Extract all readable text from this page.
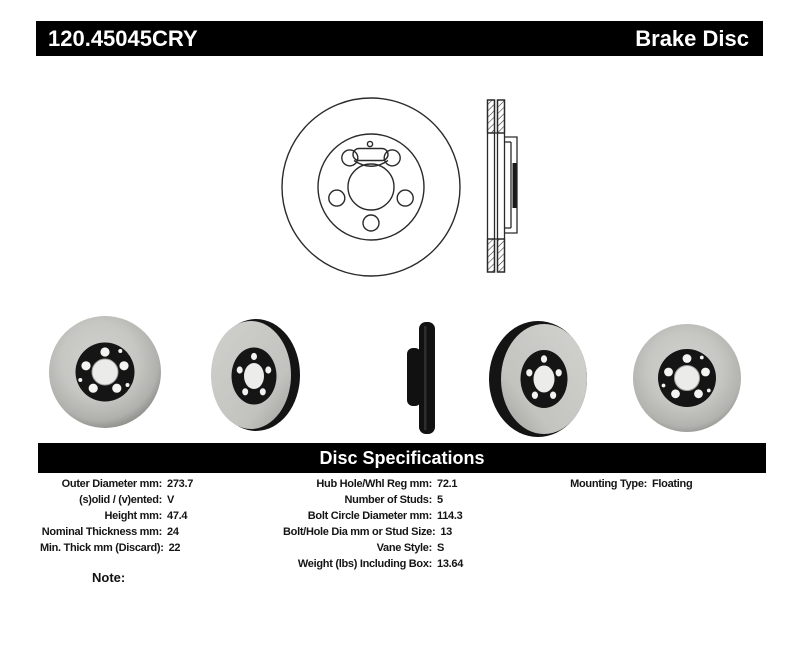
120.45045CRY	Brake Disc
Disc Specifications
Outer Diameter mm: 273.7
(s)olid / (v)ented: V
Height mm: 47.4
Nominal Thickness mm: 24
Min. Thick mm (Discard): 22
Hub Hole/Whl Reg mm: 72.1
Number of Studs: 5
Bolt Circle Diameter mm: 114.3
Bolt/Hole Dia mm or Stud Size: 13
Vane Style: S
Weight (lbs) Including Box: 13.64
Mounting Type: Floating
Note:
